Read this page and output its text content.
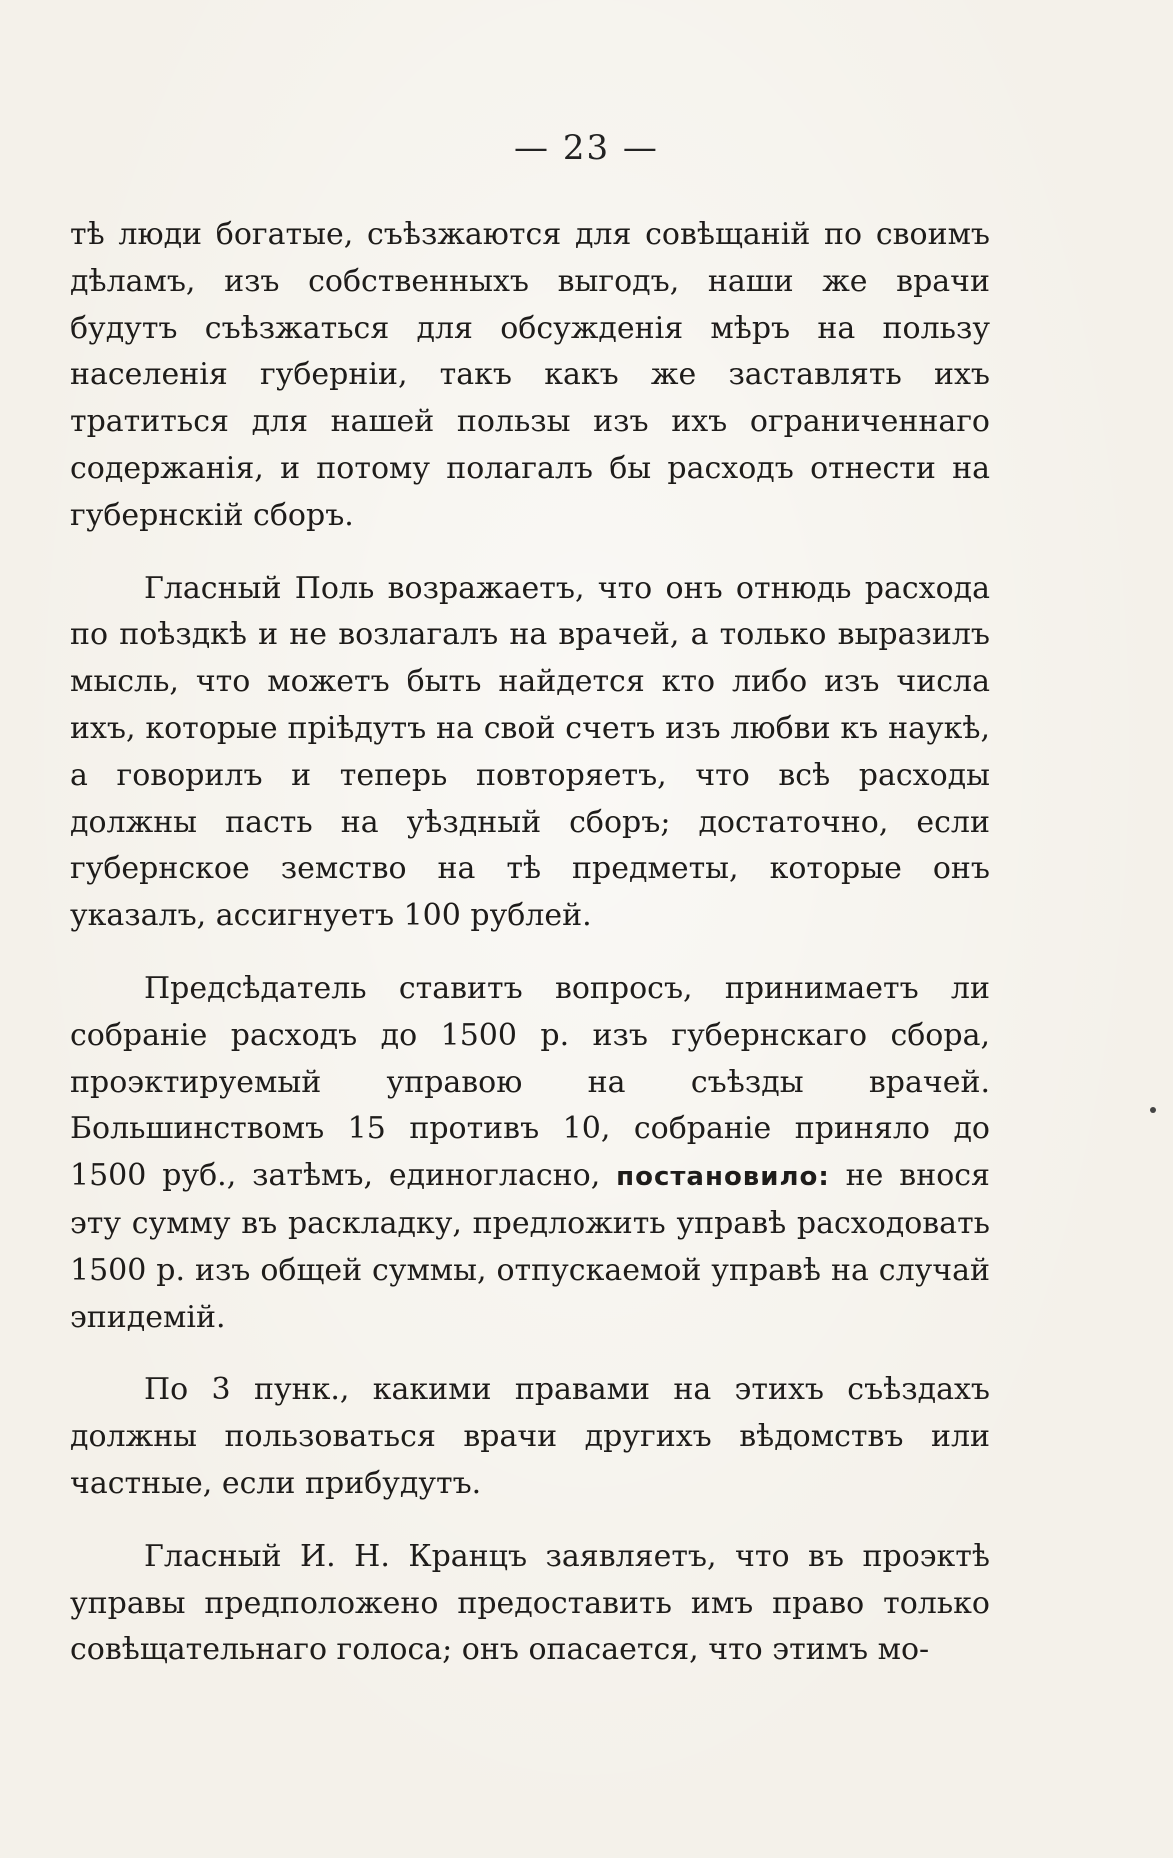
— 23 —

тѣ люди богатые, съѣзжаются для совѣщаній по своимъ дѣламъ, изъ собственныхъ выгодъ, наши же врачи будутъ съѣзжаться для обсужденія мѣръ на пользу населенія губерніи, такъ какъ же заставлять ихъ тратиться для нашей пользы изъ ихъ ограниченнаго содержанія, и потому полагалъ бы расходъ отнести на губернскій сборъ.

Гласный Поль возражаетъ, что онъ отнюдь расхода по поѣздкѣ и не возлагалъ на врачей, а только выразилъ мысль, что можетъ быть найдется кто либо изъ числа ихъ, которые пріѣдутъ на свой счетъ изъ любви къ наукѣ, а говорилъ и теперь повторяетъ, что всѣ расходы должны пасть на уѣздный сборъ; достаточно, если губернское земство на тѣ предметы, которые онъ указалъ, ассигнуетъ 100 рублей.

Предсѣдатель ставитъ вопросъ, принимаетъ ли собраніе расходъ до 1500 р. изъ губернскаго сбора, проэктируемый управою на съѣзды врачей. Большинствомъ 15 противъ 10, собраніе приняло до 1500 руб., затѣмъ, единогласно, постановило: не внося эту сумму въ раскладку, предложить управѣ расходовать 1500 р. изъ общей суммы, отпускаемой управѣ на случай эпидемій.

По 3 пунк., какими правами на этихъ съѣздахъ должны пользоваться врачи другихъ вѣдомствъ или частные, если прибудутъ.

Гласный И. Н. Кранцъ заявляетъ, что въ проэктѣ управы предположено предоставить имъ право только совѣщательнаго голоса; онъ опасается, что этимъ мо-
